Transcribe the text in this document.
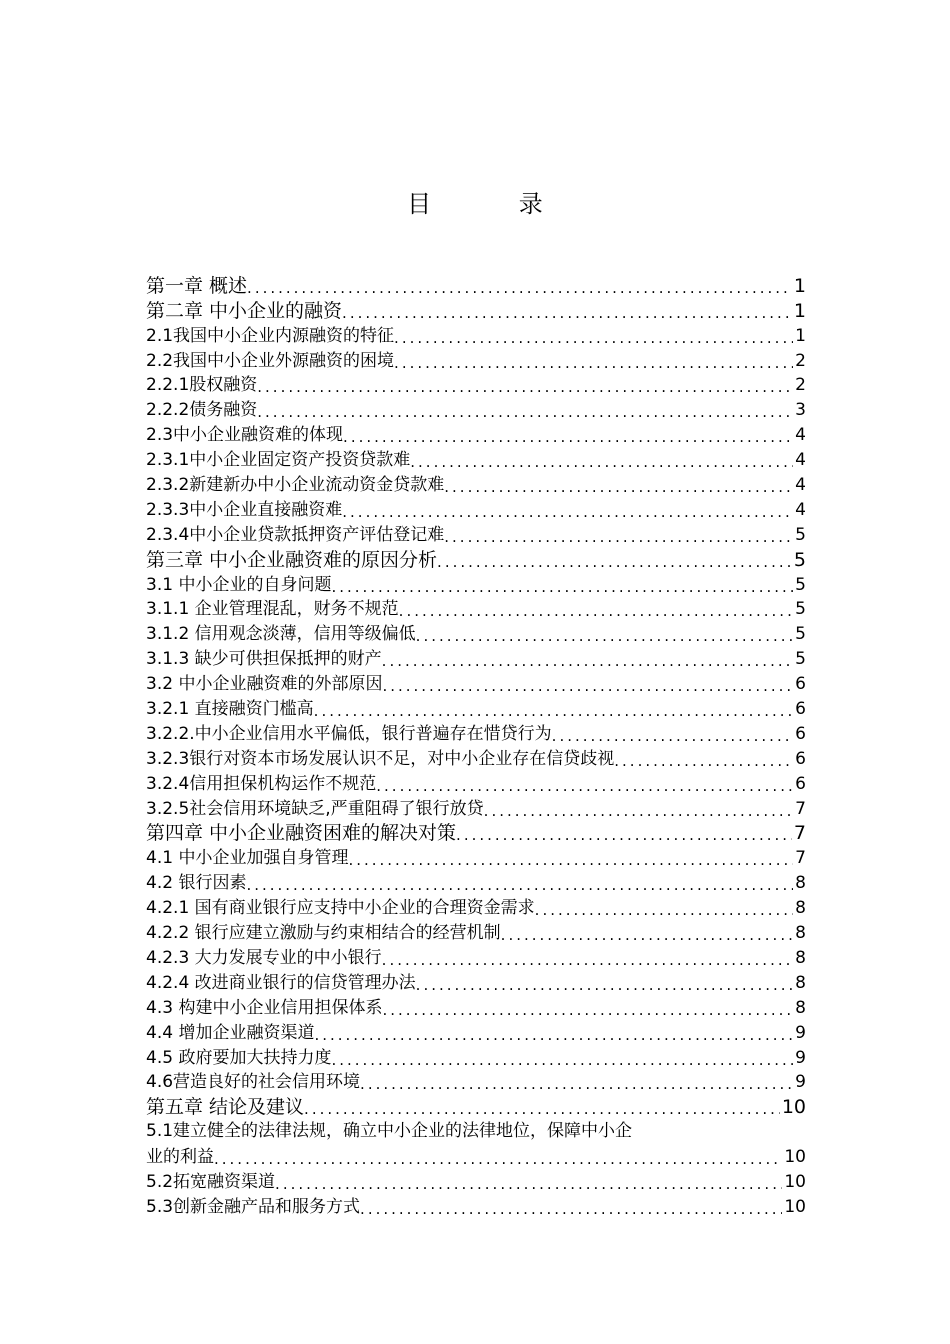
目 录
第一章 概述 .....	1
第二章 中小企业的融资 .....	1
2.1我国中小企业内源融资的特征 .....	1
2.2我国中小企业外源融资的困境 .....	2
2.2.1股权融资 .....	2
2.2.2债务融资 .....	3
2.3中小企业融资难的体现 .....	4
2.3.1中小企业固定资产投资贷款难 .....	4
2.3.2新建新办中小企业流动资金贷款难 .....	4
2.3.3中小企业直接融资难 .....	4
2.3.4中小企业贷款抵押资产评估登记难 .....	5
第三章 中小企业融资难的原因分析 .....	5
3.1 中小企业的自身问题 .....	5
3.1.1 企业管理混乱，财务不规范 .....	5
3.1.2 信用观念淡薄，信用等级偏低 .....	5
3.1.3 缺少可供担保抵押的财产 .....	5
3.2 中小企业融资难的外部原因 .....	6
3.2.1 直接融资门槛高 .....	6
3.2.2.中小企业信用水平偏低，银行普遍存在惜贷行为 .....	6
3.2.3银行对资本市场发展认识不足，对中小企业存在信贷歧视 .....	6
3.2.4信用担保机构运作不规范 .....	6
3.2.5社会信用环境缺乏,严重阻碍了银行放贷 .....	7
第四章 中小企业融资困难的解决对策 .....	7
4.1 中小企业加强自身管理 .....	7
4.2 银行因素 .....	8
4.2.1 国有商业银行应支持中小企业的合理资金需求 .....	8
4.2.2 银行应建立激励与约束相结合的经营机制 .....	8
4.2.3 大力发展专业的中小银行 .....	8
4.2.4 改进商业银行的信贷管理办法 .....	8
4.3 构建中小企业信用担保体系 .....	8
4.4 增加企业融资渠道 .....	9
4.5 政府要加大扶持力度 .....	9
4.6营造良好的社会信用环境 .....	9
第五章 结论及建议 .....	10
5.1建立健全的法律法规，确立中小企业的法律地位，保障中小企
业的利益 .....	10
5.2拓宽融资渠道 .....	10
5.3创新金融产品和服务方式 .....	10
